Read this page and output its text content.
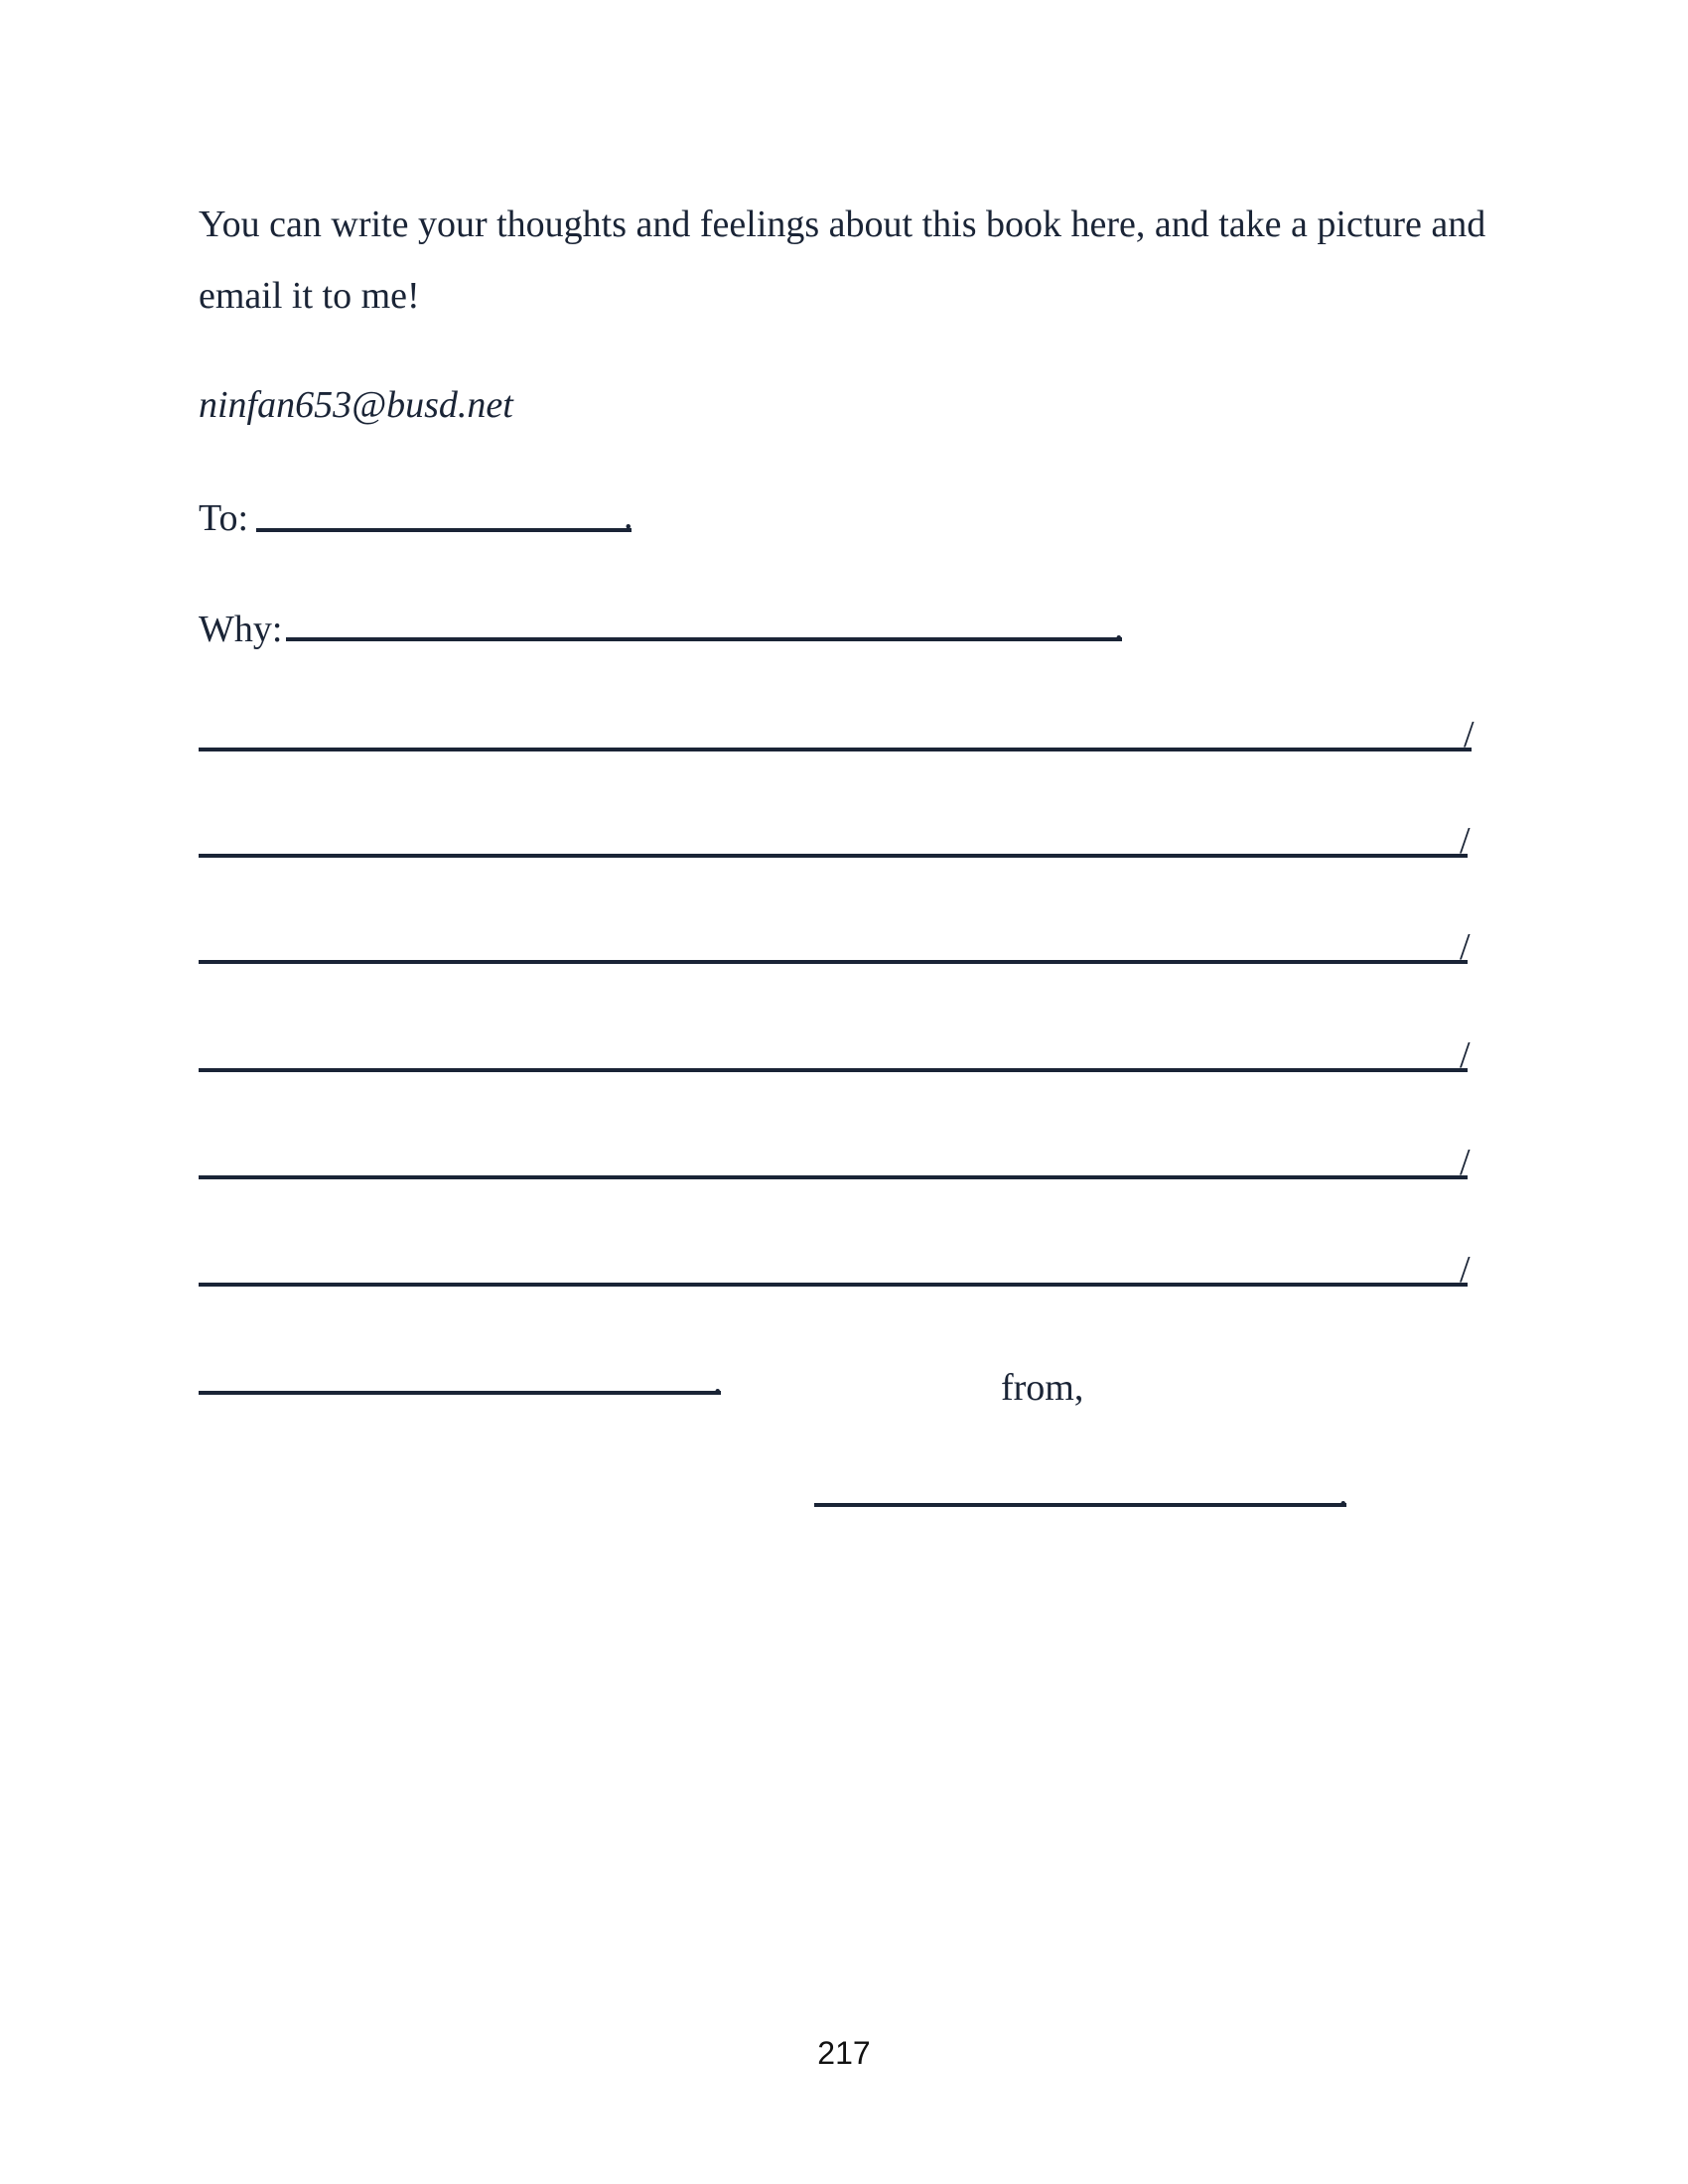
You can write your thoughts and feelings about this book here, and take a picture and
email it to me!
ninfan653@busd.net
To:	.
Why:	.
/
/
/
/
/
/
.	from,
.
217
